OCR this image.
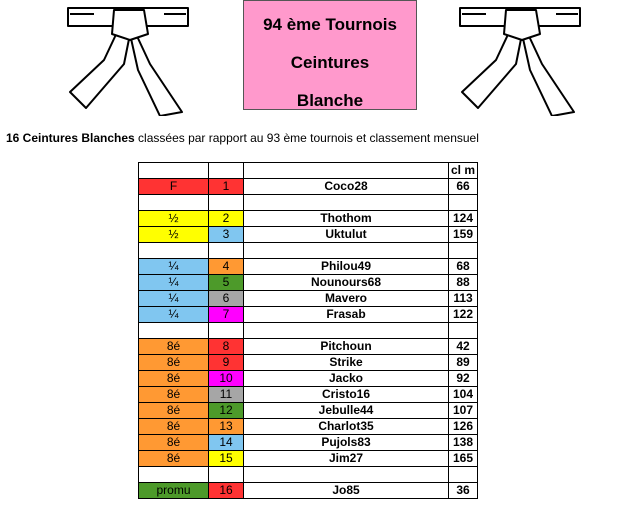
94 ème Tournois
Ceintures
Blanche
16 Ceintures Blanches classées par rapport au 93 ème tournois et classement mensuel
			cl m
F	1	Coco28	66

½	2	Thothom	124
½	3	Uktulut	159

¼	4	Philou49	68
¼	5	Nounours68	88
¼	6	Mavero	113
¼	7	Frasab	122

8é	8	Pitchoun	42
8é	9	Strike	89
8é	10	Jacko	92
8é	11	Cristo16	104
8é	12	Jebulle44	107
8é	13	Charlot35	126
8é	14	Pujols83	138
8é	15	Jim27	165

promu	16	Jo85	36
